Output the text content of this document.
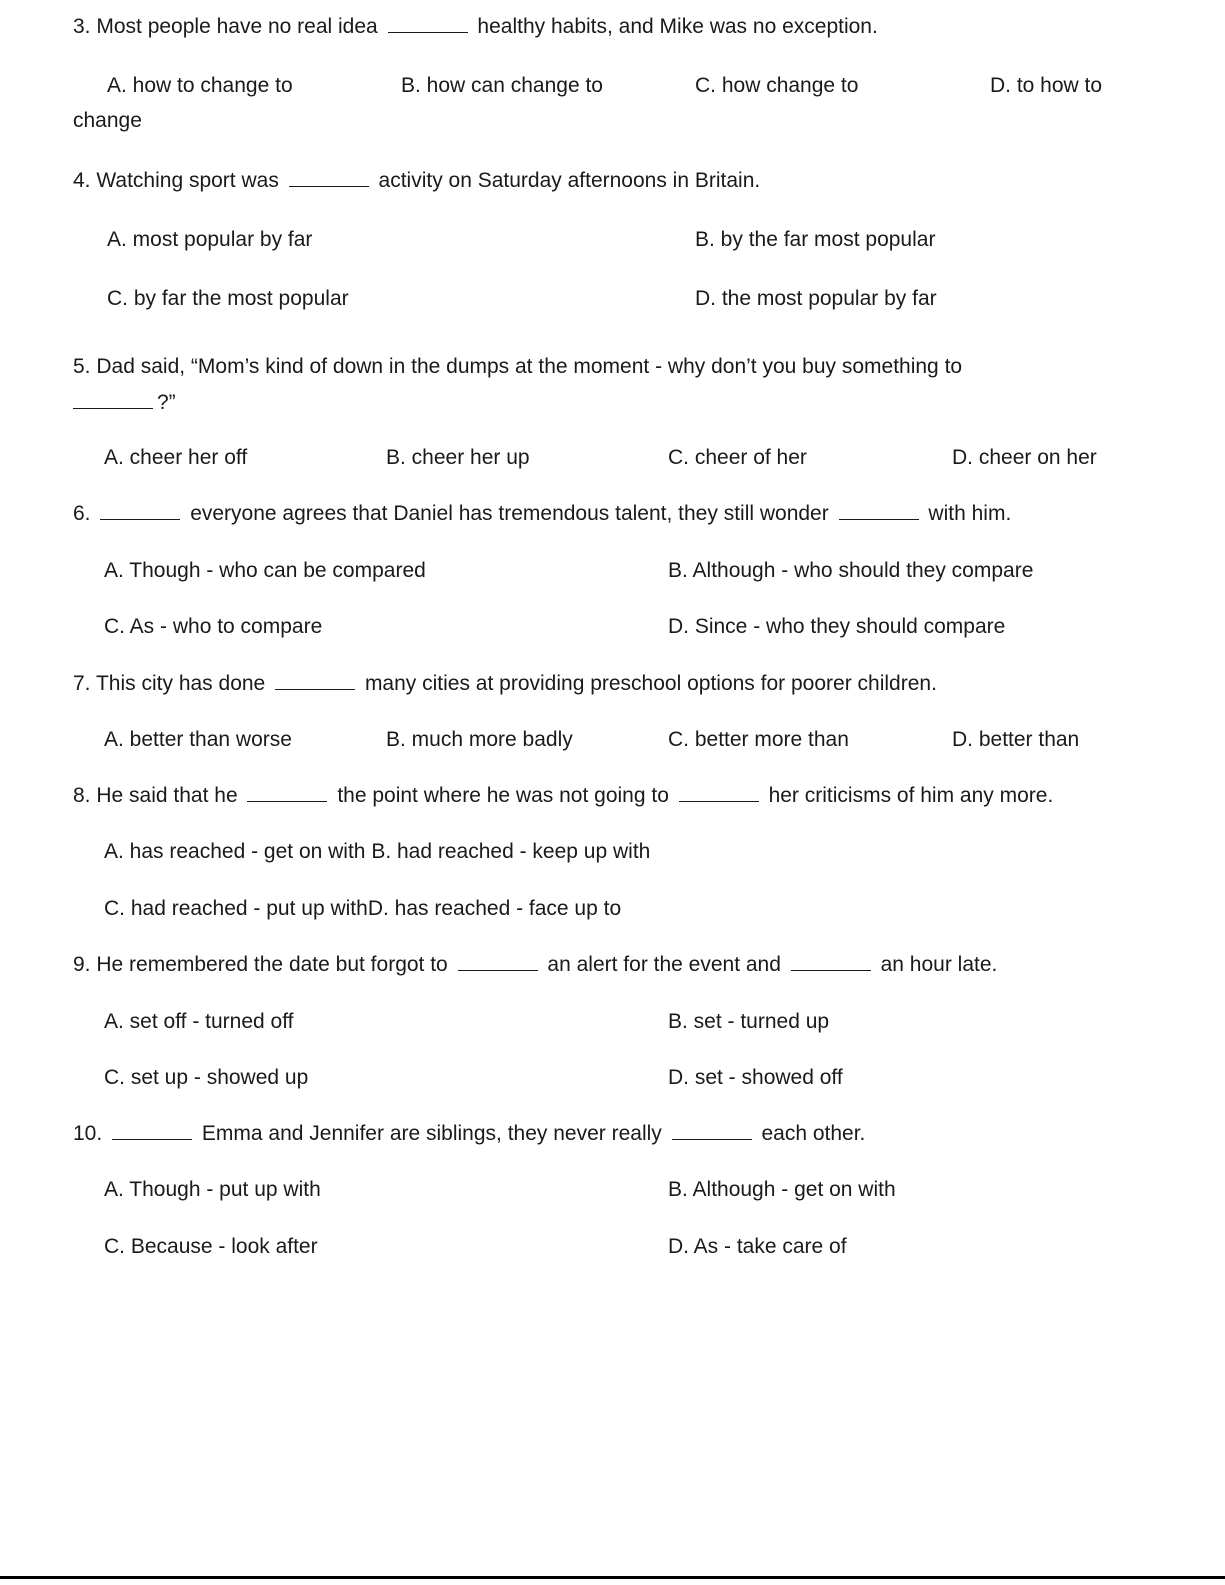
3. Most people have no real idea	healthy habits, and Mike was no exception.
A. how to change to	B. how can change to	C. how change to	D. to how to
change
4. Watching sport was	activity on Saturday afternoons in Britain.
A. most popular by far	B. by the far most popular
C. by far the most popular	D. the most popular by far
5. Dad said, “Mom’s kind of down in the dumps at the moment - why don’t you buy something to
?”
A. cheer her off	B. cheer her up	C. cheer of her	D. cheer on her
6.	everyone agrees that Daniel has tremendous talent, they still wonder	with him.
A. Though - who can be compared	B. Although - who should they compare
C. As - who to compare	D. Since - who they should compare
7. This city has done	many cities at providing preschool options for poorer children.
A. better than worse	B. much more badly	C. better more than	D. better than
8. He said that he	the point where he was not going to	her criticisms of him any more.
A. has reached - get on with B. had reached - keep up with
C. had reached - put up withD. has reached - face up to
9. He remembered the date but forgot to	an alert for the event and	an hour late.
A. set off - turned off	B. set - turned up
C. set up - showed up	D. set - showed off
10.	Emma and Jennifer are siblings, they never really	each other.
A. Though - put up with	B. Although - get on with
C. Because - look after	D. As - take care of
